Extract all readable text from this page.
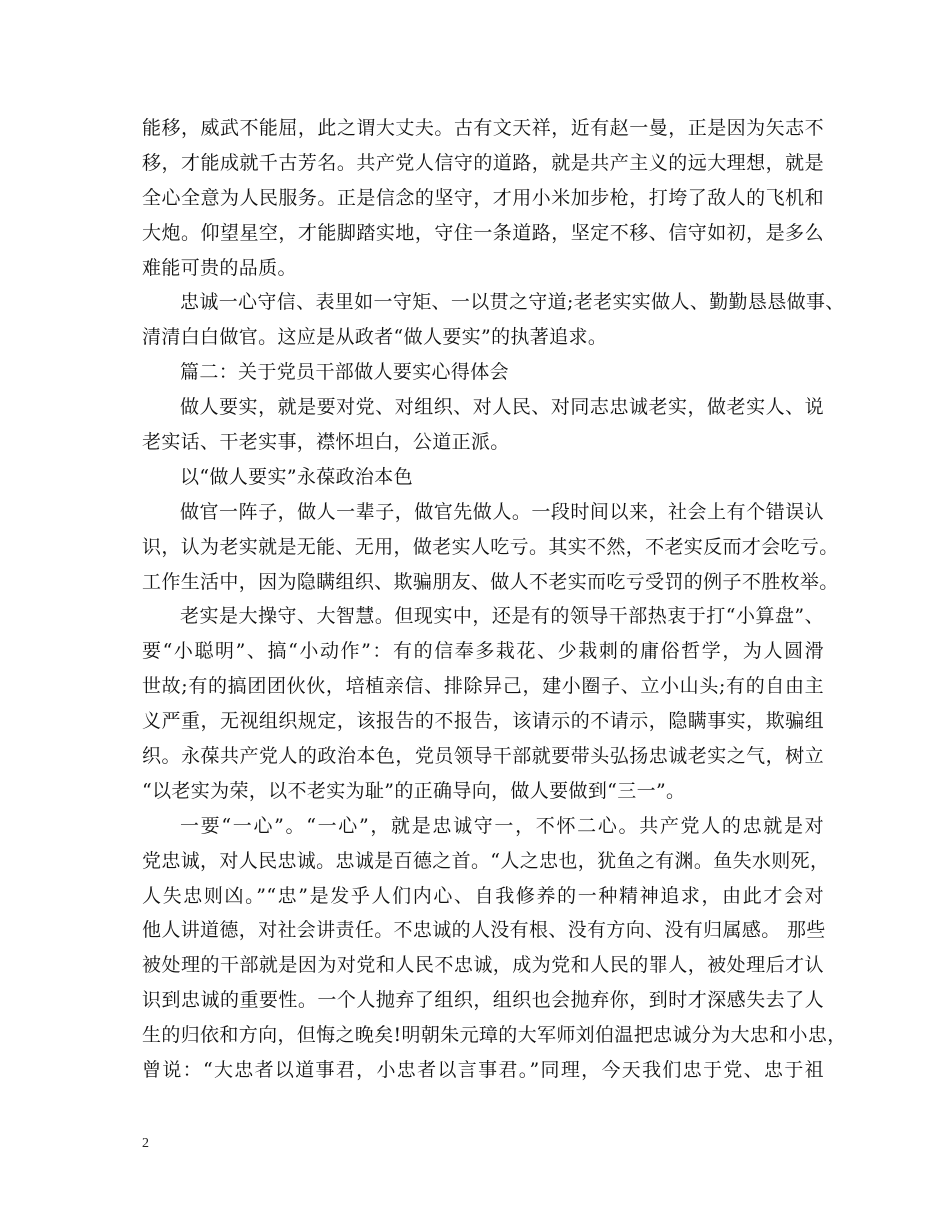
能移，威武不能屈，此之谓大丈夫。古有文天祥，近有赵一曼，正是因为矢志不
移，才能成就千古芳名。共产党人信守的道路，就是共产主义的远大理想，就是
全心全意为人民服务。正是信念的坚守，才用小米加步枪，打垮了敌人的飞机和
大炮。仰望星空，才能脚踏实地，守住一条道路，坚定不移、信守如初，是多么
难能可贵的品质。
忠诚一心守信、表里如一守矩、一以贯之守道;老老实实做人、勤勤恳恳做事、
清清白白做官。这应是从政者“做人要实”的执著追求。
篇二：关于党员干部做人要实心得体会
做人要实，就是要对党、对组织、对人民、对同志忠诚老实，做老实人、说
老实话、干老实事，襟怀坦白，公道正派。
以“做人要实”永葆政治本色
做官一阵子，做人一辈子，做官先做人。一段时间以来，社会上有个错误认
识，认为老实就是无能、无用，做老实人吃亏。其实不然，不老实反而才会吃亏。
工作生活中，因为隐瞒组织、欺骗朋友、做人不老实而吃亏受罚的例子不胜枚举。
老实是大操守、大智慧。但现实中，还是有的领导干部热衷于打“小算盘”、
要“小聪明”、搞“小动作”：有的信奉多栽花、少栽刺的庸俗哲学，为人圆滑
世故;有的搞团团伙伙，培植亲信、排除异己，建小圈子、立小山头;有的自由主
义严重，无视组织规定，该报告的不报告，该请示的不请示，隐瞒事实，欺骗组
织。永葆共产党人的政治本色，党员领导干部就要带头弘扬忠诚老实之气，树立
“以老实为荣，以不老实为耻”的正确导向，做人要做到“三一”。
一要“一心”。“一心”，就是忠诚守一，不怀二心。共产党人的忠就是对
党忠诚，对人民忠诚。忠诚是百德之首。“人之忠也，犹鱼之有渊。鱼失水则死，
人失忠则凶。”“忠”是发乎人们内心、自我修养的一种精神追求，由此才会对
他人讲道德，对社会讲责任。不忠诚的人没有根、没有方向、没有归属感。 那些
被处理的干部就是因为对党和人民不忠诚，成为党和人民的罪人，被处理后才认
识到忠诚的重要性。一个人抛弃了组织，组织也会抛弃你，到时才深感失去了人
生的归依和方向，但悔之晚矣!明朝朱元璋的大军师刘伯温把忠诚分为大忠和小忠，
曾说：“大忠者以道事君，小忠者以言事君。”同理，今天我们忠于党、忠于祖
2
